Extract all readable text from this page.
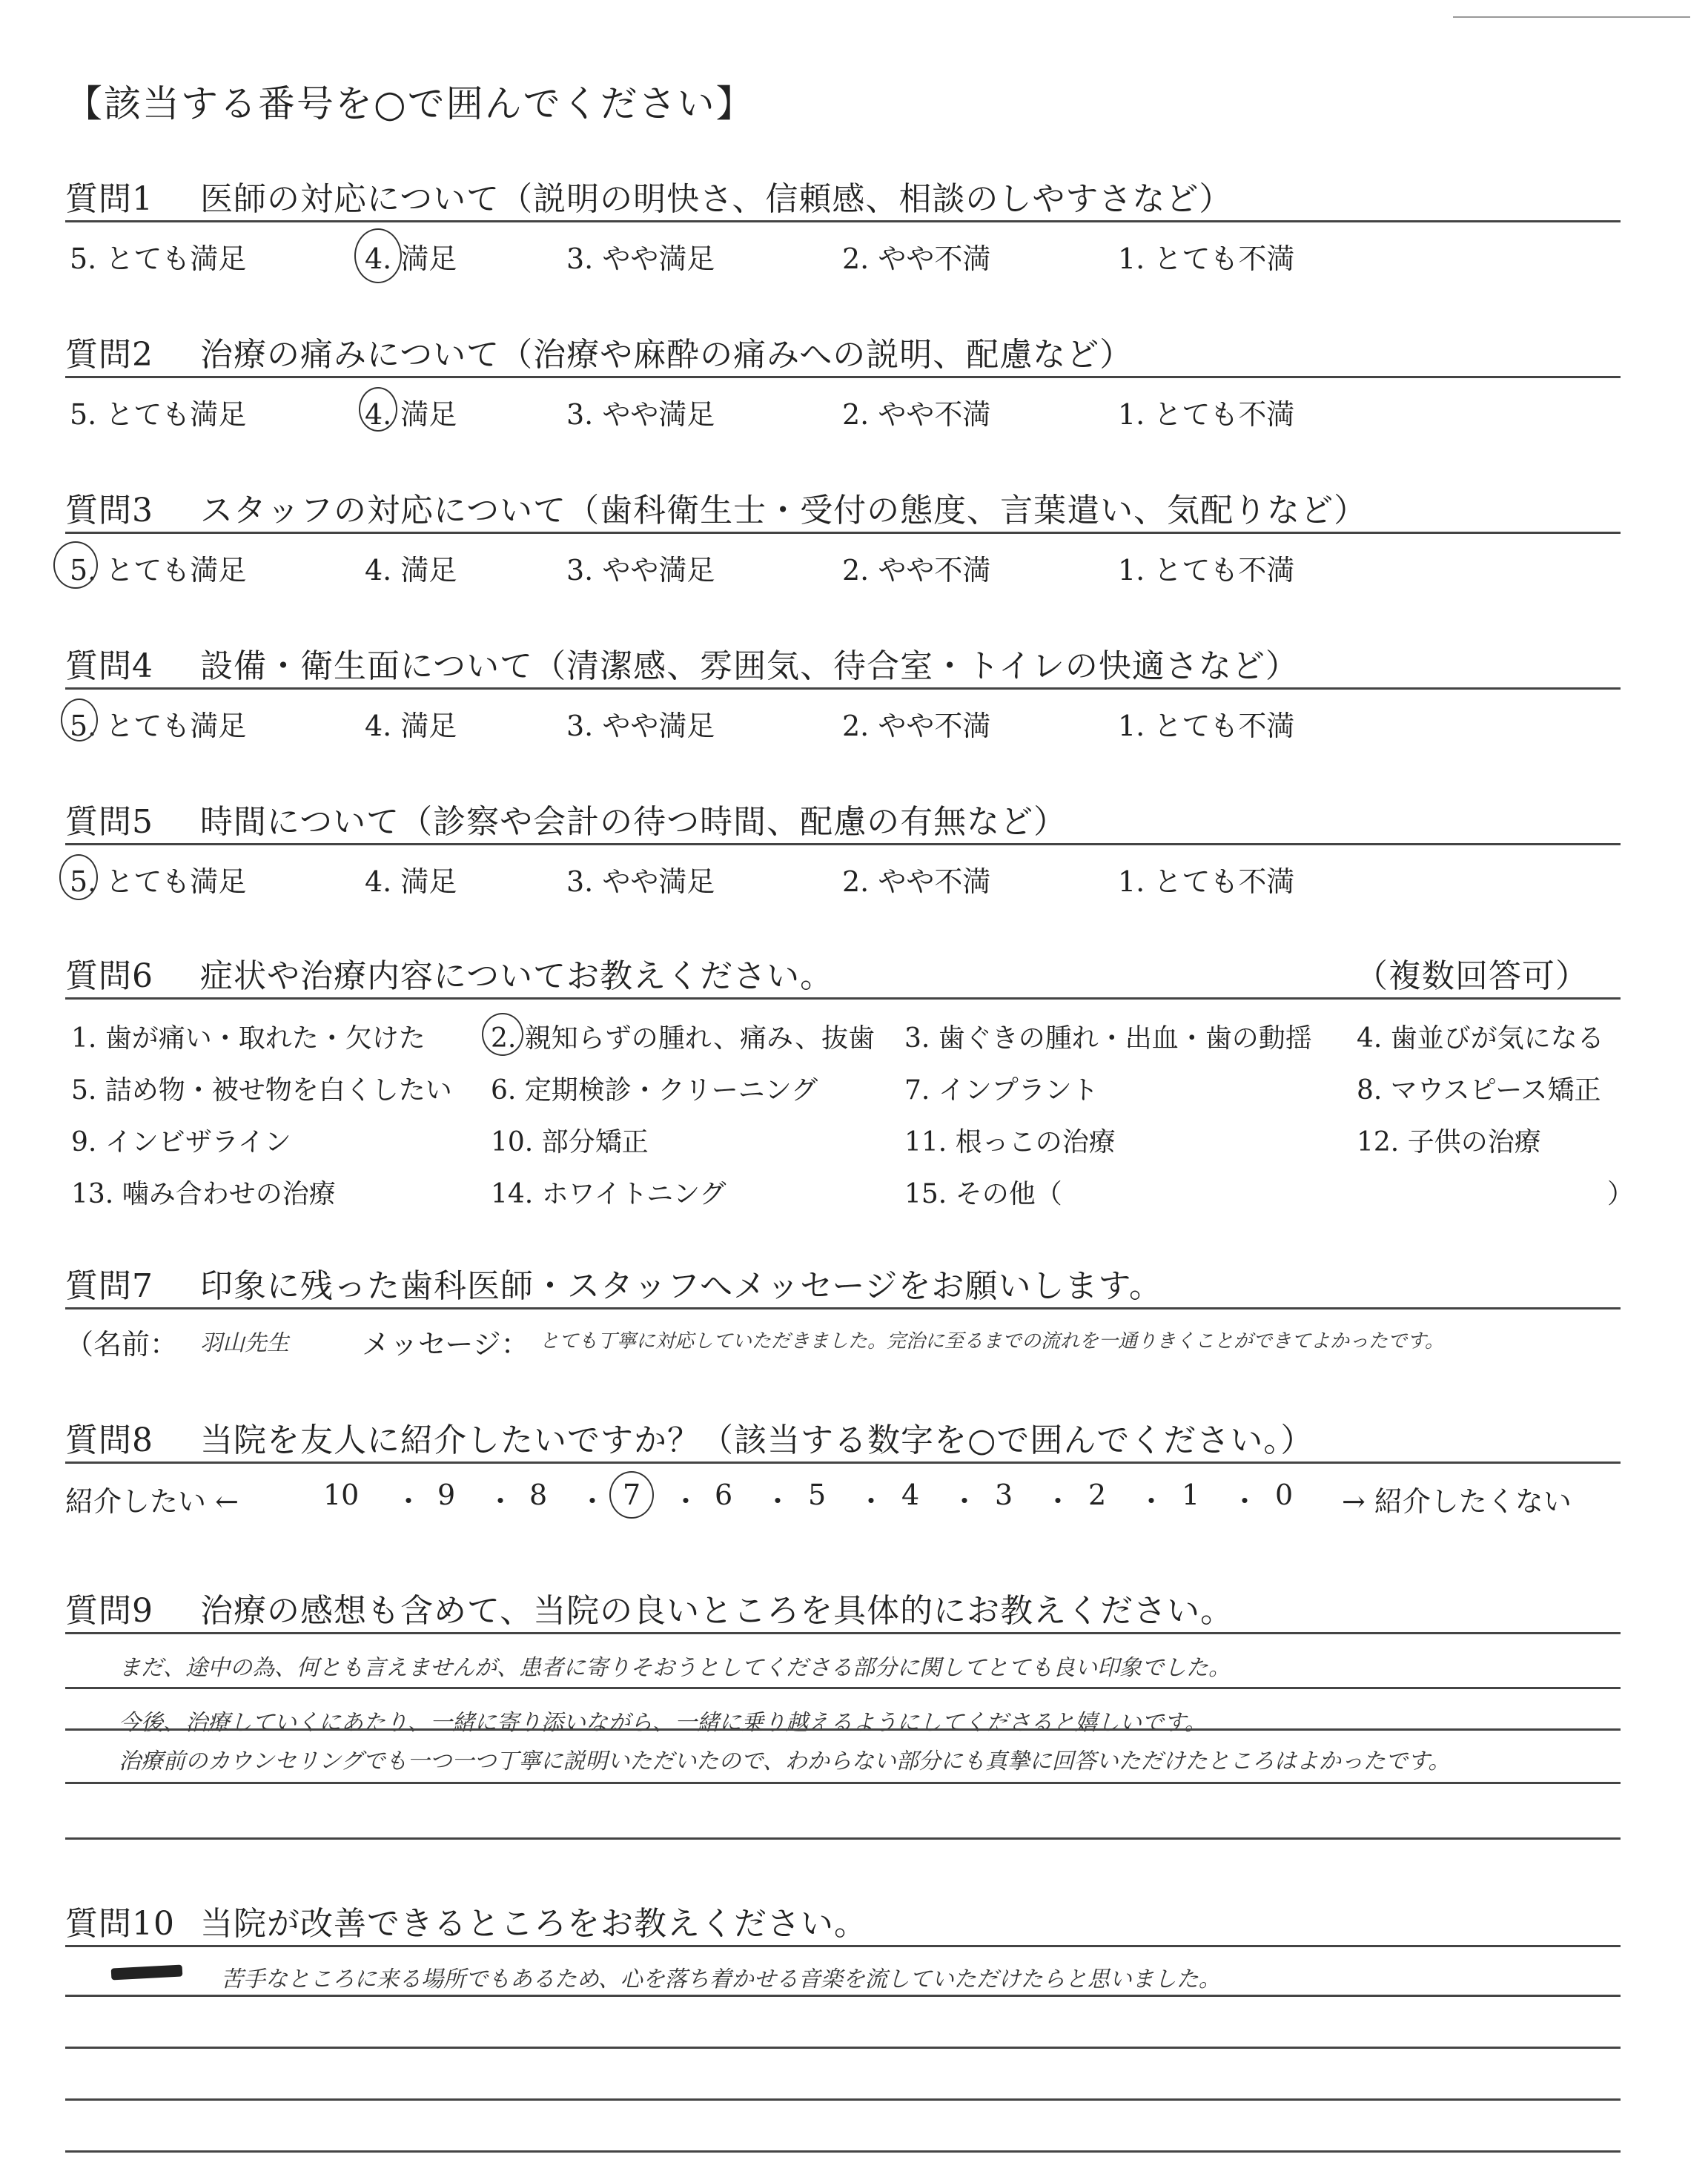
【該当する番号を○で囲んでください】
質問1 医師の対応について（説明の明快さ、信頼感、相談のしやすさなど）
5. とても満足	4. 満足	3. やや満足	2. やや不満	1. とても不満
質問2 治療の痛みについて（治療や麻酔の痛みへの説明、配慮など）
5. とても満足	4. 満足	3. やや満足	2. やや不満	1. とても不満
質問3 スタッフの対応について（歯科衛生士・受付の態度、言葉遣い、気配りなど）
5. とても満足	4. 満足	3. やや満足	2. やや不満	1. とても不満
質問4 設備・衛生面について（清潔感、雰囲気、待合室・トイレの快適さなど）
5. とても満足	4. 満足	3. やや満足	2. やや不満	1. とても不満
質問5 時間について（診察や会計の待つ時間、配慮の有無など）
5. とても満足	4. 満足	3. やや満足	2. やや不満	1. とても不満
質問6 症状や治療内容についてお教えください。	（複数回答可）
1. 歯が痛い・取れた・欠けた 2. 親知らずの腫れ、痛み、抜歯 3. 歯ぐきの腫れ・出血・歯の動揺 4. 歯並びが気になる
5. 詰め物・被せ物を白くしたい 6. 定期検診・クリーニング	7. インプラント	8. マウスピース矯正
9. インビザライン	10. 部分矯正	11. 根っこの治療	12. 子供の治療
13. 噛み合わせの治療	14. ホワイトニング	15. その他（	）
質問7 印象に残った歯科医師・スタッフへメッセージをお願いします。
（名前： 羽山先生	メッセージ： とても丁寧に対応していただきました。完治に至るまでの流れを一通りきくことができてよかったです。
質問8 当院を友人に紹介したいですか？（該当する数字を○で囲んでください。）
紹介したい ←	→ 紹介したくない
10 ・ 9 ・ 8 ・ 7 ・ 6 ・ 5 ・ 4 ・ 3 ・ 2 ・ 1 ・ 0
質問9 治療の感想も含めて、当院の良いところを具体的にお教えください。
まだ、途中の為、何とも言えませんが、患者に寄りそおうとしてくださる部分に関してとても良い印象でした。
今後、治療していくにあたり、一緒に寄り添いながら、一緒に乗り越えるようにしてくださると嬉しいです。
治療前のカウンセリングでも一つ一つ丁寧に説明いただいたので、わからない部分にも真摯に回答いただけたところはよかったです。
質問10 当院が改善できるところをお教えください。
苦手なところに来る場所でもあるため、心を落ち着かせる音楽を流していただけたらと思いました。
